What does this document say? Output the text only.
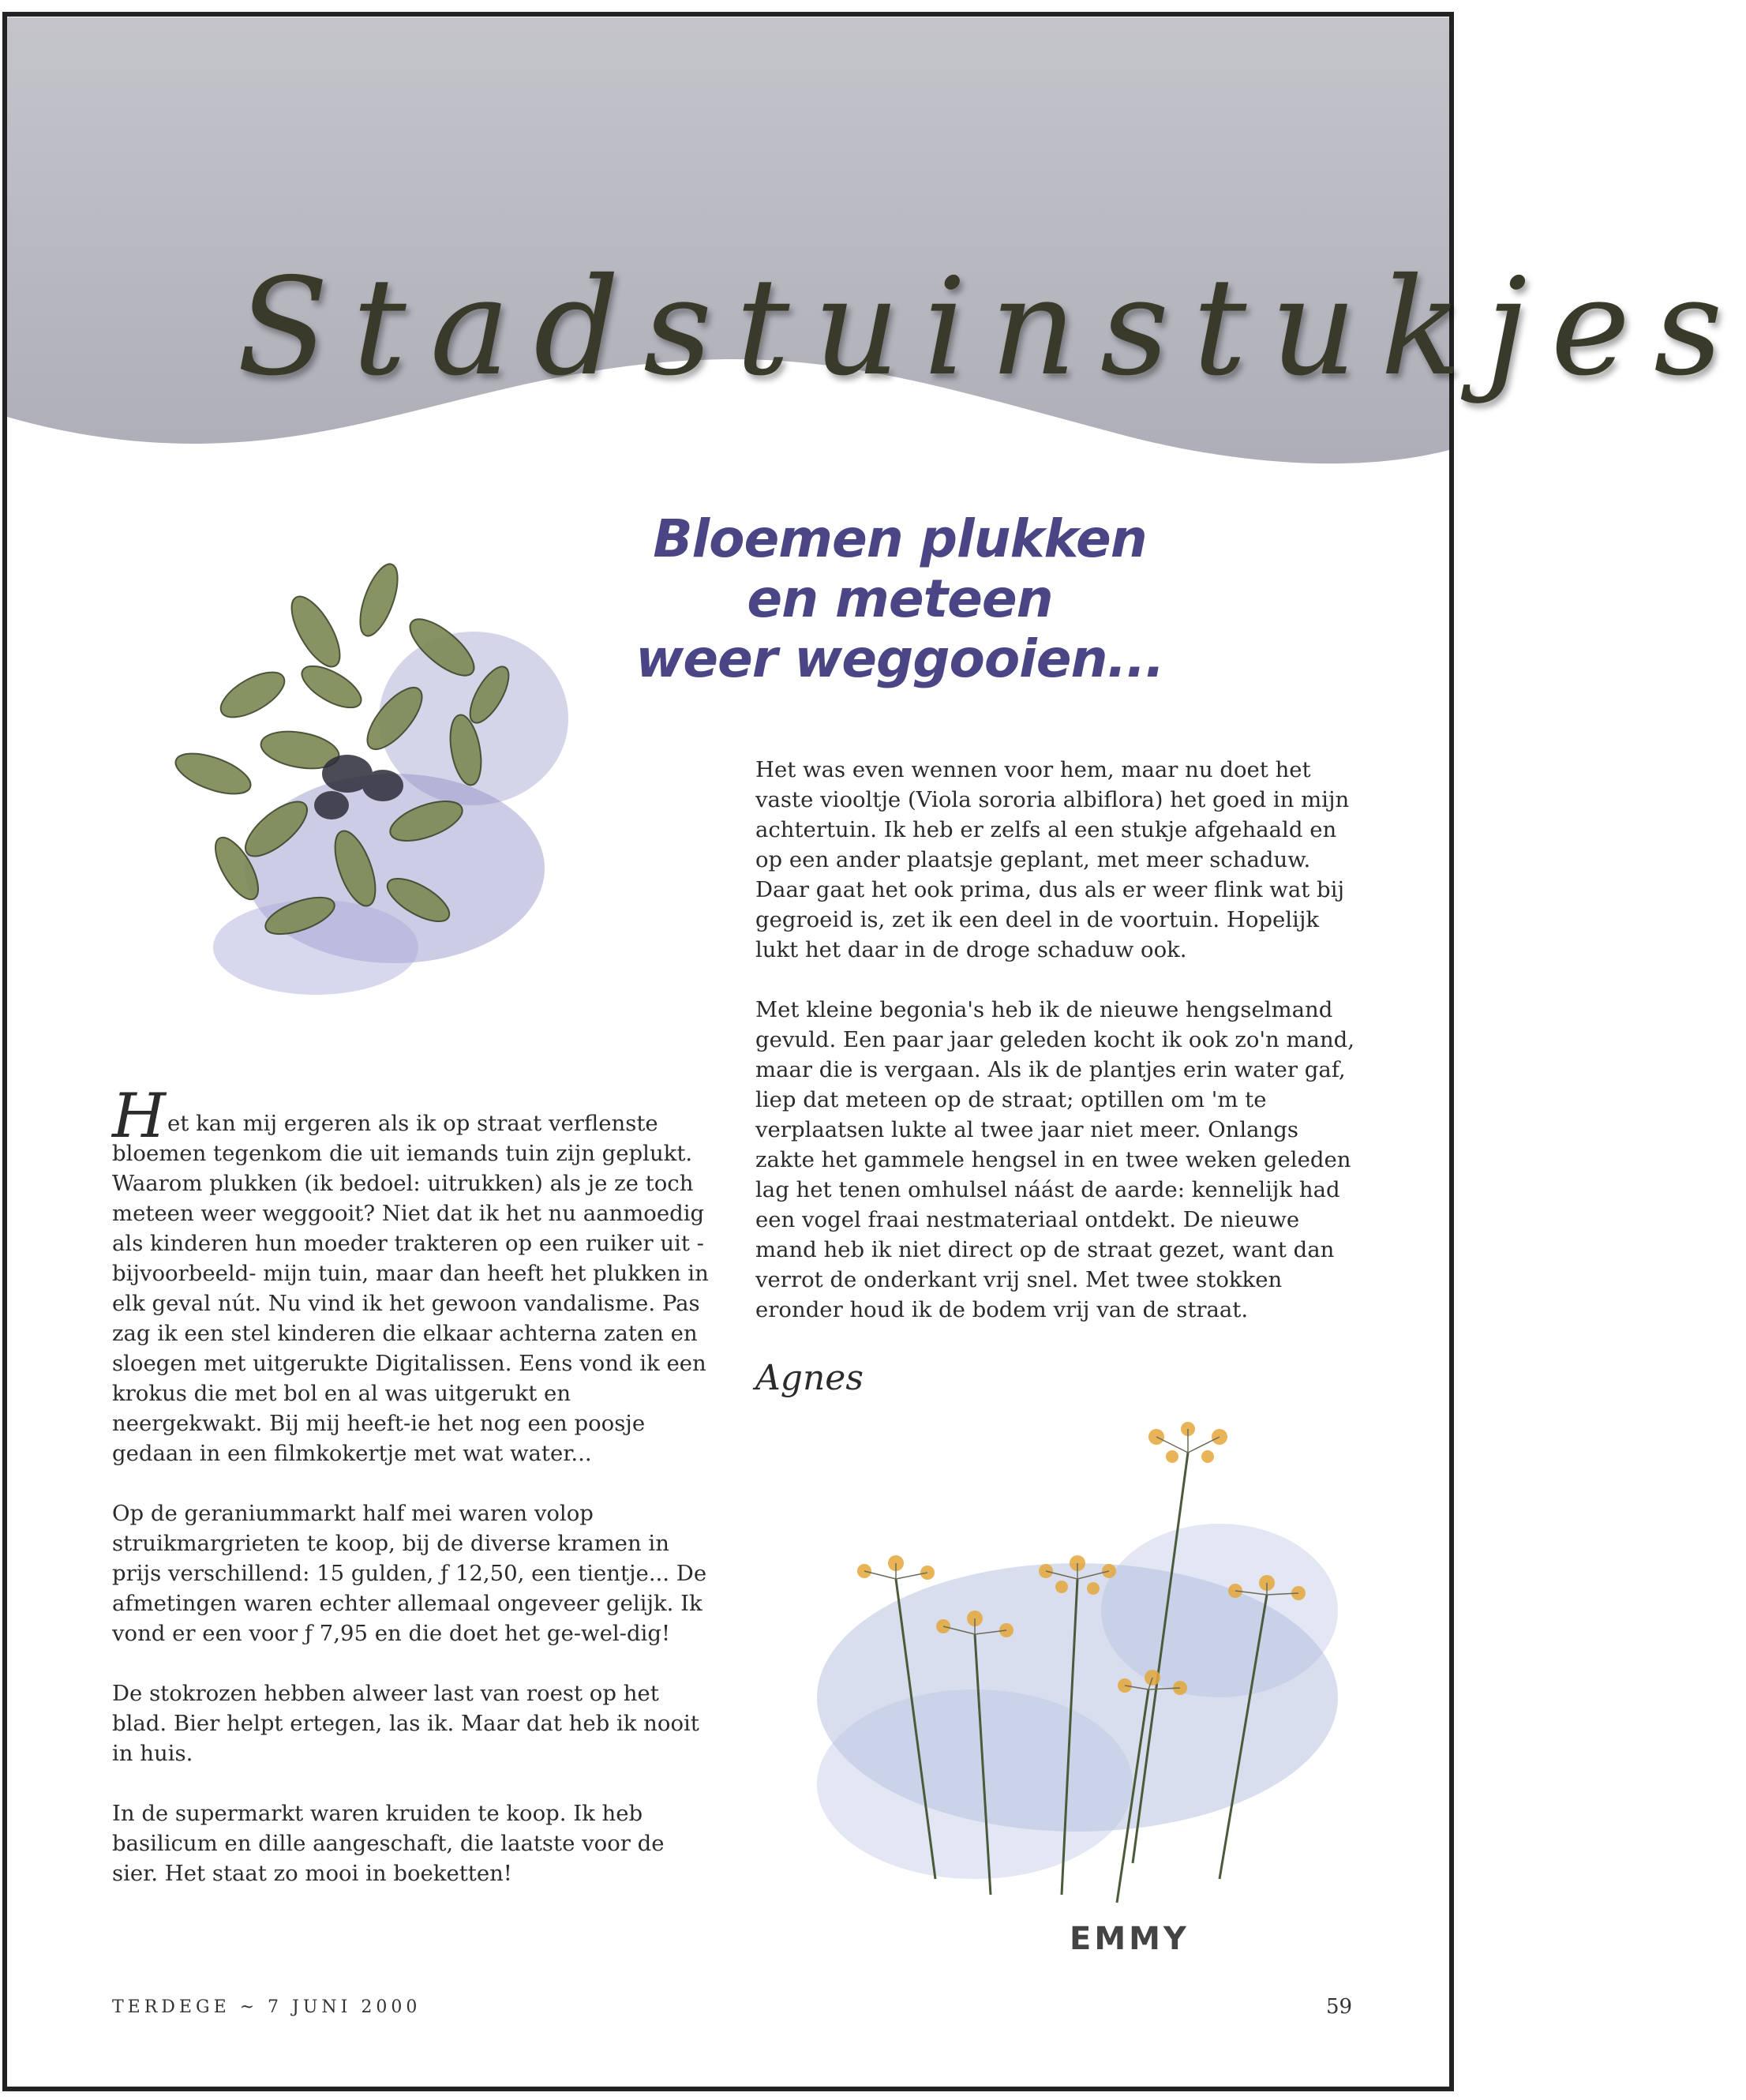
Stadstuinstukjes
Bloemen plukken
en meteen
weer weggooien...

Het kan mij ergeren als ik op straat verflenste bloemen tegenkom die uit iemands tuin zijn geplukt. Waarom plukken (ik bedoel: uitrukken) als je ze toch meteen weer weggooit? Niet dat ik het nu aanmoedig als kinderen hun moeder trakteren op een ruiker uit - bijvoorbeeld- mijn tuin, maar dan heeft het plukken in elk geval nút. Nu vind ik het gewoon vandalisme. Pas zag ik een stel kinderen die elkaar achterna zaten en sloegen met uitgerukte Digitalissen. Eens vond ik een krokus die met bol en al was uitgerukt en neergekwakt. Bij mij heeft-ie het nog een poosje gedaan in een filmkokertje met wat water...

Op de geraniummarkt half mei waren volop struikmargrieten te koop, bij de diverse kramen in prijs verschillend: 15 gulden, ƒ 12,50, een tientje... De afmetingen waren echter allemaal ongeveer gelijk. Ik vond er een voor ƒ 7,95 en die doet het ge-wel-dig!

De stokrozen hebben alweer last van roest op het blad. Bier helpt ertegen, las ik. Maar dat heb ik nooit in huis.

In de supermarkt waren kruiden te koop. Ik heb basilicum en dille aangeschaft, die laatste voor de sier. Het staat zo mooi in boeketten!

Het was even wennen voor hem, maar nu doet het vaste viooltje (Viola sororia albiflora) het goed in mijn achtertuin. Ik heb er zelfs al een stukje afgehaald en op een ander plaatsje geplant, met meer schaduw. Daar gaat het ook prima, dus als er weer flink wat bij gegroeid is, zet ik een deel in de voortuin. Hopelijk lukt het daar in de droge schaduw ook.

Met kleine begonia's heb ik de nieuwe hengselmand gevuld. Een paar jaar geleden kocht ik ook zo'n mand, maar die is vergaan. Als ik de plantjes erin water gaf, liep dat meteen op de straat; optillen om 'm te verplaatsen lukte al twee jaar niet meer. Onlangs zakte het gammele hengsel in en twee weken geleden lag het tenen omhulsel náást de aarde: kennelijk had een vogel fraai nestmateriaal ontdekt. De nieuwe mand heb ik niet direct op de straat gezet, want dan verrot de onderkant vrij snel. Met twee stokken eronder houd ik de bodem vrij van de straat.

Agnes
EMMY
TERDEGE ~ 7 JUNI 2000	59
